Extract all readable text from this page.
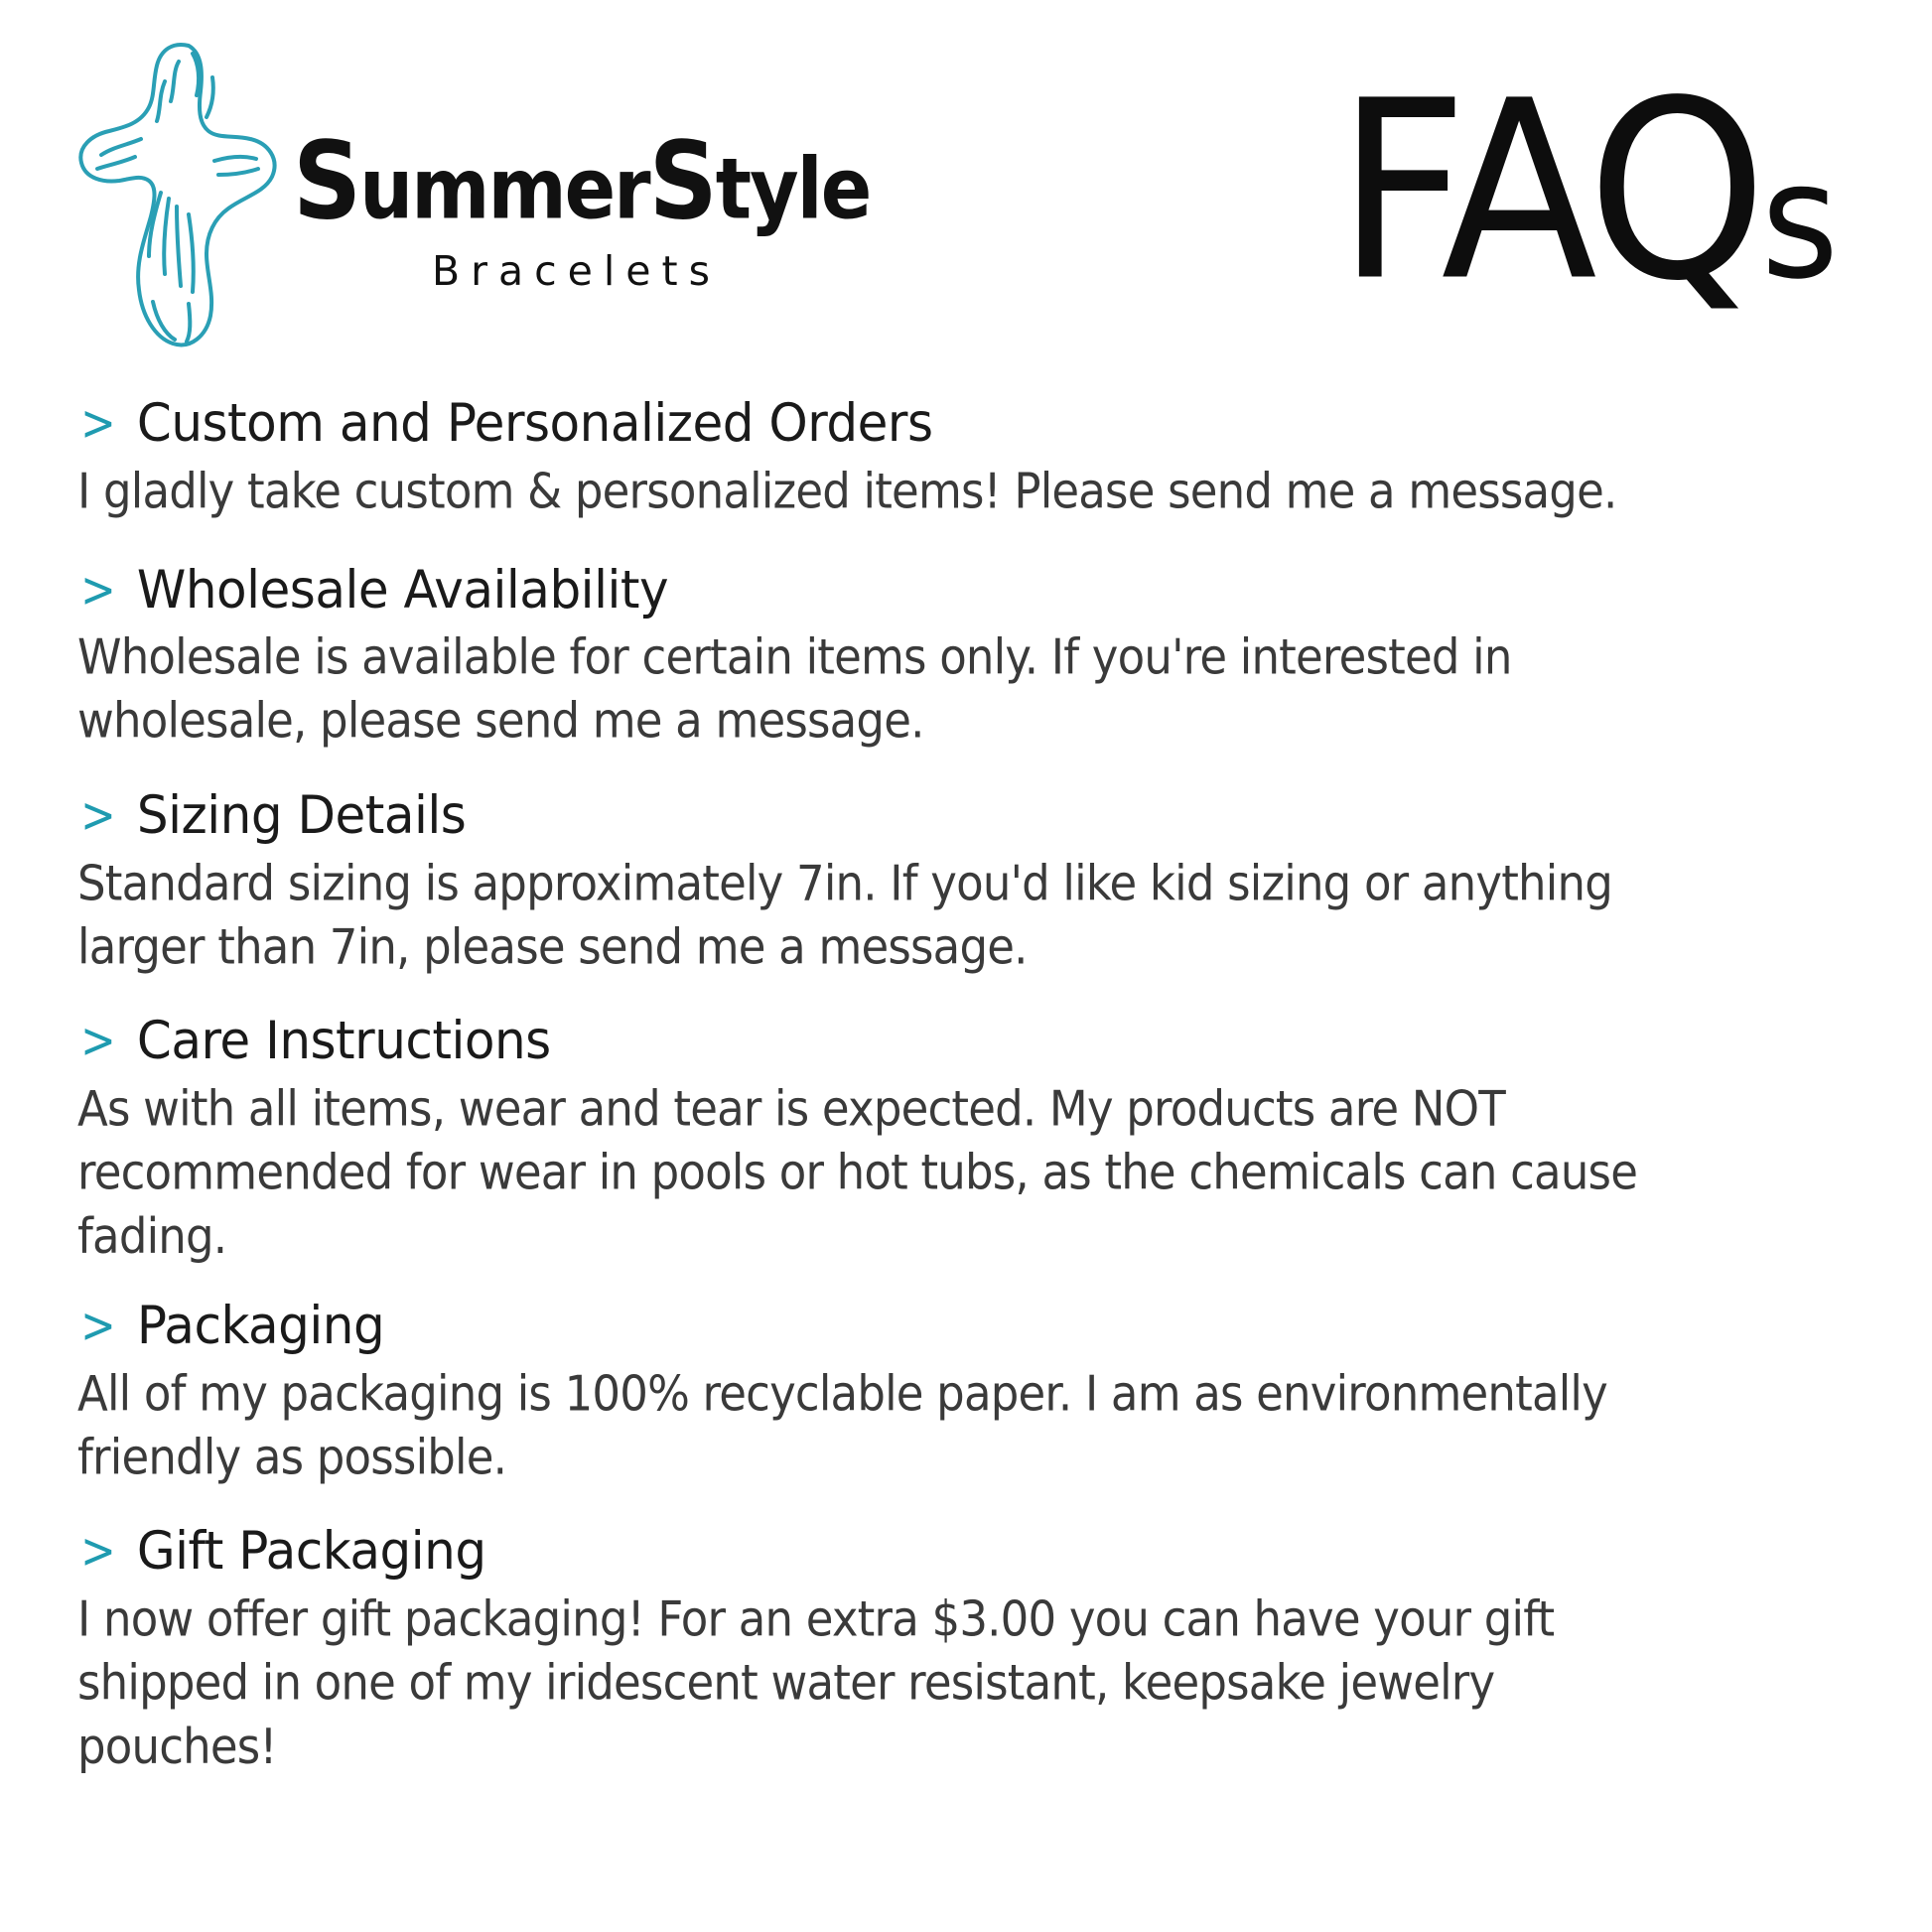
SummerStyle
Bracelets	FAQs
> Custom and Personalized Orders
I gladly take custom & personalized items! Please send me a message.
> Wholesale Availability
Wholesale is available for certain items only. If you're interested in wholesale, please send me a message.
> Sizing Details
Standard sizing is approximately 7in. If you'd like kid sizing or anything larger than 7in, please send me a message.
> Care Instructions
As with all items, wear and tear is expected. My products are NOT recommended for wear in pools or hot tubs, as the chemicals can cause fading.
> Packaging
All of my packaging is 100% recyclable paper. I am as environmentally friendly as possible.
> Gift Packaging
I now offer gift packaging! For an extra $3.00 you can have your gift shipped in one of my iridescent water resistant, keepsake jewelry pouches!
